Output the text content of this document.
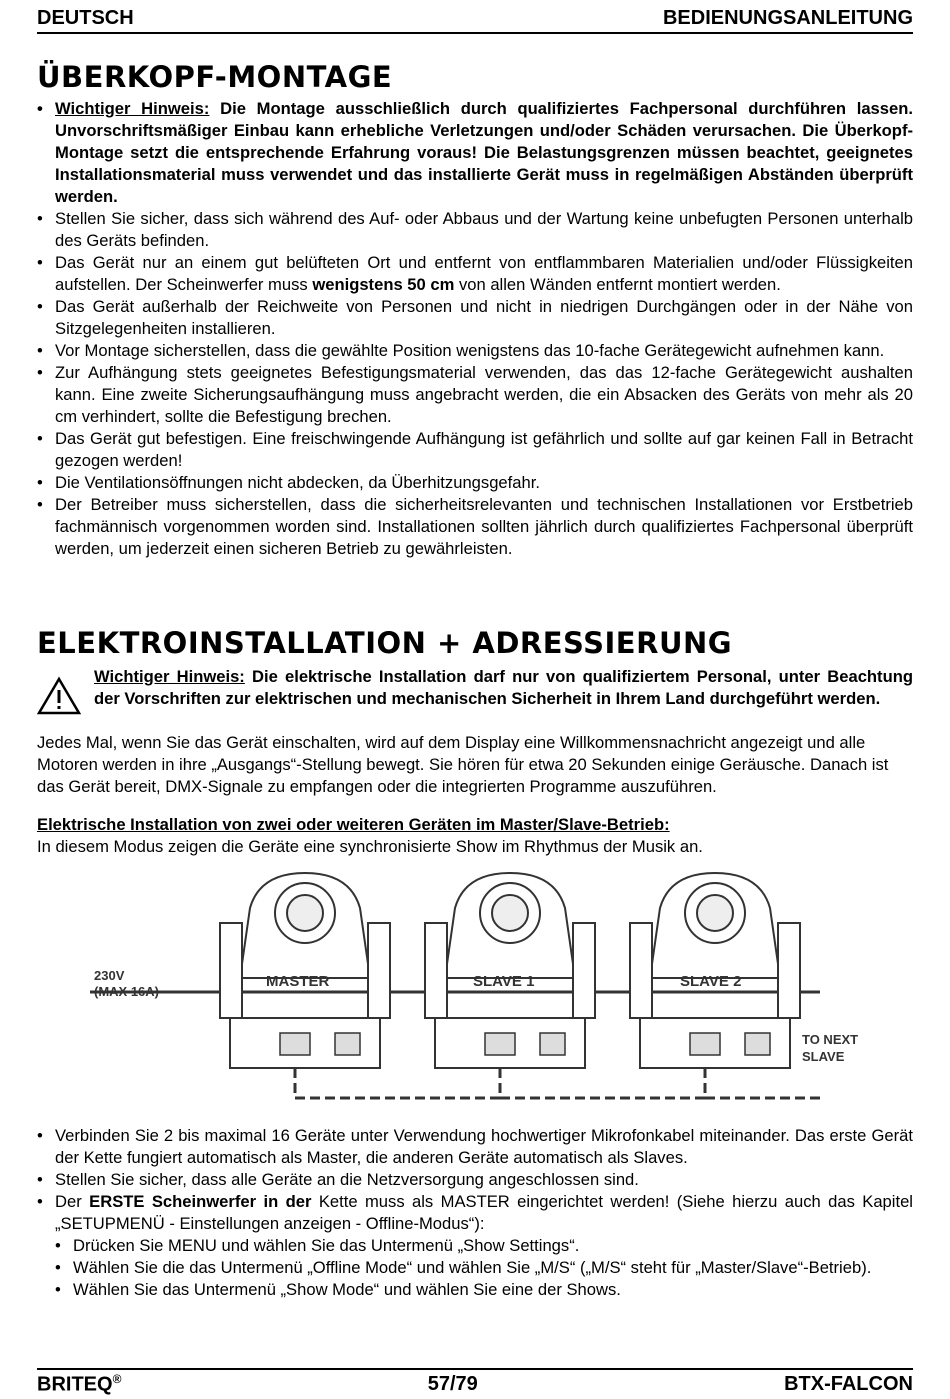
DEUTSCH	BEDIENUNGSANLEITUNG
ÜBERKOPF-MONTAGE
• Wichtiger Hinweis: Die Montage ausschließlich durch qualifiziertes Fachpersonal durchführen lassen. Unvorschriftsmäßiger Einbau kann erhebliche Verletzungen und/oder Schäden verursachen. Die Überkopf-Montage setzt die entsprechende Erfahrung voraus! Die Belastungsgrenzen müssen beachtet, geeignetes Installationsmaterial muss verwendet und das installierte Gerät muss in regelmäßigen Abständen überprüft werden.
• Stellen Sie sicher, dass sich während des Auf- oder Abbaus und der Wartung keine unbefugten Personen unterhalb des Geräts befinden.
• Das Gerät nur an einem gut belüfteten Ort und entfernt von entflammbaren Materialien und/oder Flüssigkeiten aufstellen. Der Scheinwerfer muss wenigstens 50 cm von allen Wänden entfernt montiert werden.
• Das Gerät außerhalb der Reichweite von Personen und nicht in niedrigen Durchgängen oder in der Nähe von Sitzgelegenheiten installieren.
• Vor Montage sicherstellen, dass die gewählte Position wenigstens das 10-fache Gerätegewicht aufnehmen kann.
• Zur Aufhängung stets geeignetes Befestigungsmaterial verwenden, das das 12-fache Gerätegewicht aushalten kann. Eine zweite Sicherungsaufhängung muss angebracht werden, die ein Absacken des Geräts von mehr als 20 cm verhindert, sollte die Befestigung brechen.
• Das Gerät gut befestigen. Eine freischwingende Aufhängung ist gefährlich und sollte auf gar keinen Fall in Betracht gezogen werden!
• Die Ventilationsöffnungen nicht abdecken, da Überhitzungsgefahr.
• Der Betreiber muss sicherstellen, dass die sicherheitsrelevanten und technischen Installationen vor Erstbetrieb fachmännisch vorgenommen worden sind. Installationen sollten jährlich durch qualifiziertes Fachpersonal überprüft werden, um jederzeit einen sicheren Betrieb zu gewährleisten.
ELEKTROINSTALLATION + ADRESSIERUNG
Wichtiger Hinweis: Die elektrische Installation darf nur von qualifiziertem Personal, unter Beachtung der Vorschriften zur elektrischen und mechanischen Sicherheit in Ihrem Land durchgeführt werden.
Jedes Mal, wenn Sie das Gerät einschalten, wird auf dem Display eine Willkommensnachricht angezeigt und alle Motoren werden in ihre „Ausgangs“-Stellung bewegt. Sie hören für etwa 20 Sekunden einige Geräusche. Danach ist das Gerät bereit, DMX-Signale zu empfangen oder die integrierten Programme auszuführen.
Elektrische Installation von zwei oder weiteren Geräten im Master/Slave-Betrieb:
In diesem Modus zeigen die Geräte eine synchronisierte Show im Rhythmus der Musik an.
230V
(MAX 16A)
MASTER	SLAVE 1	SLAVE 2
TO NEXT
SLAVE
• Verbinden Sie 2 bis maximal 16 Geräte unter Verwendung hochwertiger Mikrofonkabel miteinander. Das erste Gerät der Kette fungiert automatisch als Master, die anderen Geräte automatisch als Slaves.
• Stellen Sie sicher, dass alle Geräte an die Netzversorgung angeschlossen sind.
• Der ERSTE Scheinwerfer in der Kette muss als MASTER eingerichtet werden! (Siehe hierzu auch das Kapitel „SETUPMENÜ - Einstellungen anzeigen - Offline-Modus“):
• Drücken Sie MENU und wählen Sie das Untermenü „Show Settings“.
• Wählen Sie die das Untermenü „Offline Mode“ und wählen Sie „M/S“ („M/S“ steht für „Master/Slave“-Betrieb).
• Wählen Sie das Untermenü „Show Mode“ und wählen Sie eine der Shows.
BRITEQ®	57/79	BTX-FALCON
